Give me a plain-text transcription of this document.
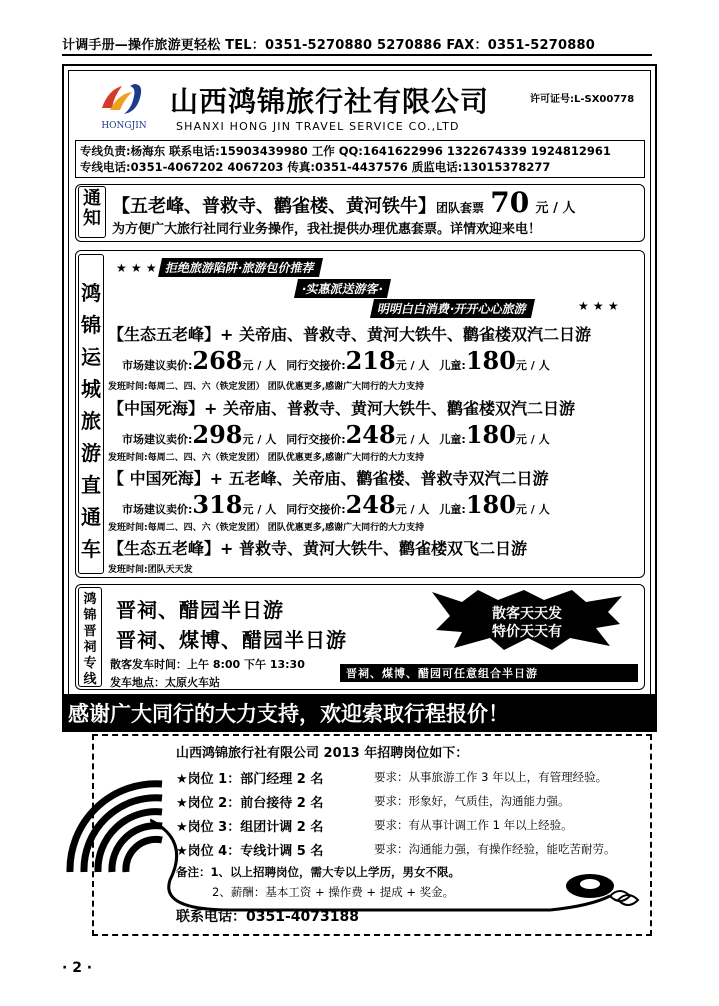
计调手册—操作旅游更轻松 TEL：0351-5270880 5270886 FAX：0351-5270880
HONGJIN
山西鸿锦旅行社有限公司	许可证号:L-SX00778
SHANXI HONG JIN TRAVEL SERVICE CO.,LTD
专线负责:杨海东 联系电话:15903439980 工作 QQ:1641622996 1322674339 1924812961
专线电话:0351-4067202 4067203 传真:0351-4437576 质监电话:13015378277
通知
【五老峰、普救寺、鹳雀楼、黄河铁牛】团队套票 70 元 / 人
为方便广大旅行社同行业务操作，我社提供办理优惠套票。详情欢迎来电！
鸿锦运城旅游直通车
★ ★ ★ 拒绝旅游陷阱·旅游包价推荐
·实惠派送游客·
明明白白消费·开开心心旅游	★ ★ ★
【生态五老峰】+ 关帝庙、普救寺、黄河大铁牛、鹳雀楼双汽二日游
市场建议卖价:268元 / 人 同行交接价:218元 / 人 儿童:180元 / 人
发班时间:每周二、四、六（铁定发团） 团队优惠更多,感谢广大同行的大力支持
【中国死海】+ 关帝庙、普救寺、黄河大铁牛、鹳雀楼双汽二日游
市场建议卖价:298元 / 人 同行交接价:248元 / 人 儿童:180元 / 人
发班时间:每周二、四、六（铁定发团） 团队优惠更多,感谢广大同行的大力支持
【 中国死海】+ 五老峰、关帝庙、鹳雀楼、普救寺双汽二日游
市场建议卖价:318元 / 人 同行交接价:248元 / 人 儿童:180元 / 人
发班时间:每周二、四、六（铁定发团） 团队优惠更多,感谢广大同行的大力支持
【生态五老峰】+ 普救寺、黄河大铁牛、鹳雀楼双飞二日游
发班时间:团队天天发
鸿锦晋祠专线
晋祠、醋园半日游
晋祠、煤博、醋园半日游
散客天天发
特价天天有
散客发车时间：上午 8:00 下午 13:30
发车地点：太原火车站
晋祠、煤博、醋园可任意组合半日游
感谢广大同行的大力支持，欢迎索取行程报价！
山西鸿锦旅行社有限公司 2013 年招聘岗位如下：
★岗位 1：部门经理 2 名	要求：从事旅游工作 3 年以上，有管理经验。
★岗位 2：前台接待 2 名	要求：形象好，气质佳，沟通能力强。
★岗位 3：组团计调 2 名	要求：有从事计调工作 1 年以上经验。
★岗位 4：专线计调 5 名	要求：沟通能力强，有操作经验，能吃苦耐劳。
备注：1、以上招聘岗位，需大专以上学历，男女不限。
2、薪酬：基本工资 + 操作费 + 提成 + 奖金。
联系电话：0351-4073188
· 2 ·
